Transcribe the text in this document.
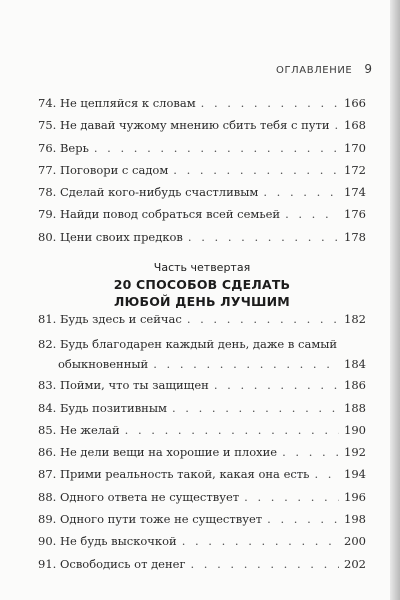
ОГЛАВЛЕНИЕ 9
74. Не цепляйся к словам . . .	166
75. Не давай чужому мнению сбить тебя с пути . . . 168
76. Верь . . .	170
77. Поговори с садом . . .	172
78. Сделай кого-нибудь счастливым . . .	174
79. Найди повод собраться всей семьей . . .	176
80. Цени своих предков . . .	178
Часть четвертая
20 СПОСОБОВ СДЕЛАТЬ
ЛЮБОЙ ДЕНЬ ЛУЧШИМ
81. Будь здесь и сейчас . . .	182
82. Будь благодарен каждый день, даже в самый
обыкновенный . . .	184
83. Пойми, что ты защищен . . .	186
84. Будь позитивным . . .	188
85. Не желай . . .	190
86. Не дели вещи на хорошие и плохие . . .	192
87. Прими реальность такой, какая она есть . . .	194
88. Одного ответа не существует . . .	196
89. Одного пути тоже не существует . . .	198
90. Не будь выскочкой . . .	200
91. Освободись от денег . . .	202
